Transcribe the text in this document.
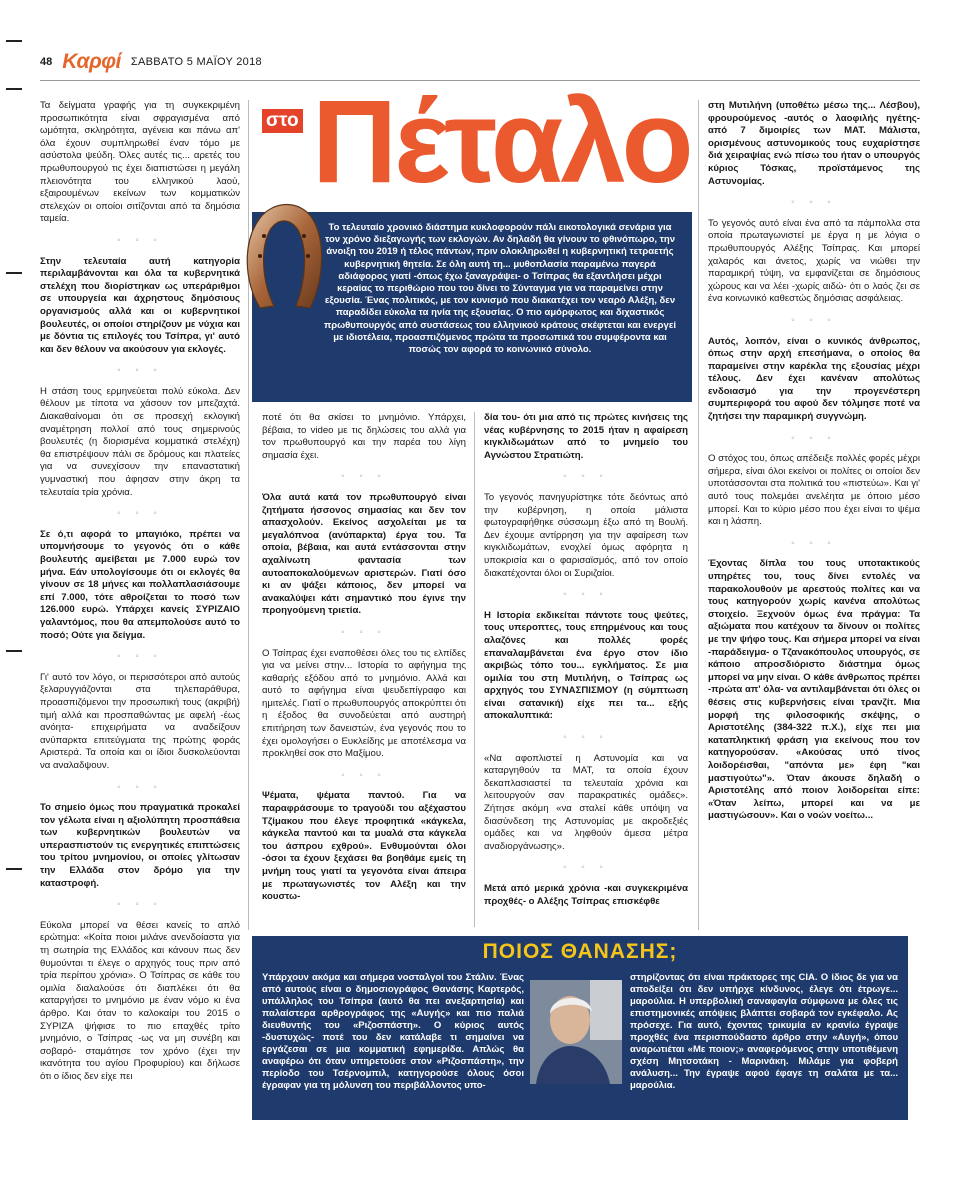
48 Καρφί ΣΑΒΒΑΤΟ 5 ΜΑΪΟΥ 2018

Τα δείγματα γραφής για τη συγκεκριμένη προσωπικότητα είναι σφραγισμένα από ωμότητα, σκληρότητα, αγένεια και πάνω απ' όλα έχουν συμπληρωθεί έναν τόμο με ασύστολα ψεύδη. Όλες αυτές τις... αρετές του πρωθυπουργού τις έχει διαπιστώσει η μεγάλη πλειονότητα του ελληνικού λαού, εξαιρουμένων εκείνων των κομματικών στελεχών οι οποίοι σιτίζονται από τα δημόσια ταμεία.

◦ ◦ ◦

Στην τελευταία αυτή κατηγορία περιλαμβάνονται και όλα τα κυβερνητικά στελέχη που διορίστηκαν ως υπεράριθμοι σε υπουργεία και άχρηστους δημόσιους οργανισμούς αλλά και οι κυβερνητικοί βουλευτές, οι οποίοι στηρίζουν με νύχια και με δόντια τις επιλογές του Τσίπρα, γι' αυτό και δεν θέλουν να ακούσουν για εκλογές.

◦ ◦ ◦

Η στάση τους ερμηνεύεται πολύ εύκολα. Δεν θέλουν με τίποτα να χάσουν τον μπεζαχτά. Διακαθαίνομαι ότι σε προσεχή εκλογική αναμέτρηση πολλοί από τους σημερινούς βουλευτές (η διορισμένα κομματικά στελέχη) θα επιστρέψουν πάλι σε δρόμους και πλατείες για να συνεχίσουν την επαναστατική γυμναστική που άφησαν στην άκρη τα τελευταία τρία χρόνια.

◦ ◦ ◦

Σε ό,τι αφορά το μπαγιόκο, πρέπει να υπομνήσουμε το γεγονός ότι ο κάθε βουλευτής αμείβεται με 7.000 ευρώ τον μήνα. Εάν υπολογίσουμε ότι οι εκλογές θα γίνουν σε 18 μήνες και πολλαπλασιάσουμε επί 7.000, τότε αθροίζεται το ποσό των 126.000 ευρώ. Υπάρχει κανείς ΣΥΡΙΖΑΙΟ γαλαντόμος, που θα απεμπολούσε αυτό το ποσό; Ούτε για δείγμα.

◦ ◦ ◦

Γι' αυτό τον λόγο, οι περισσότεροι από αυτούς ξελαρυγγιάζονται στα τηλεπαράθυρα, προασπιζόμενοι την προσωπική τους (ακριβή) τιμή αλλά και προσπαθώντας με αφελή -έως ανόητα- επιχειρήματα να αναδείξουν ανύπαρκτα επιτεύγματα της πρώτης φοράς Αριστερά. Τα οποία και οι ίδιοι δυσκολεύονται να αναλαδψουν.

◦ ◦ ◦

Το σημείο όμως που πραγματικά προκαλεί τον γέλωτα είναι η αξιολύπητη προσπάθεια των κυβερνητικών βουλευτών να υπερασπιστούν τις ενεργητικές επιπτώσεις του τρίτου μνημονίου, οι οποίες γλίτωσαν την Ελλάδα στον δρόμο για την καταστροφή.

◦ ◦ ◦

Εύκολα μπορεί να θέσει κανείς το απλό ερώτημα: «Κοίτα ποιοι μιλάνε ανενδοίαστα για τη σωτηρία της Ελλάδος και κάνουν πως δεν θυμούνται τι έλεγε ο αρχηγός τους πριν από τρία περίπου χρόνια». Ο Τσίπρας σε κάθε του ομιλία διαλαλούσε ότι διαπλέκει ότι θα καταργήσει το μνημόνιο με έναν νόμο κι ένα άρθρο. Και όταν το καλοκαίρι του 2015 ο ΣΥΡΙΖΑ ψήφισε το πιο επαχθές τρίτο μνημόνιο, ο Τσίπρας -ως να μη συνέβη και σοβαρό- σταμάτησε τον χρόνο (έχει την ικανότητα του αγίου Προφυρίου) και δήλωσε ότι ο ίδιος δεν είχε πει

στο Πέταλο
Το τελευταίο χρονικό διάστημα κυκλοφορούν πάλι εικοτολογικά σενάρια για τον χρόνο διεξαγωγής των εκλογών. Αν δηλαδή θα γίνουν το φθινόπωρο, την άνοιξη του 2019 ή τέλος πάντων, πριν ολοκληρωθεί η κυβερνητική τετραετής κυβερνητική θητεία. Σε όλη αυτή τη... μυθοπλασία παραμένω παγερά αδιάφορος γιατί -όπως έχω ξαναγράψει- ο Τσίπρας θα εξαντλήσει μέχρι κεραίας το περιθώριο που του δίνει το Σύνταγμα για να παραμείνει στην εξουσία. Ένας πολιτικός, με τον κυνισμό που διακατέχει τον νεαρό Αλέξη, δεν παραδίδει εύκολα τα ηνία της εξουσίας. Ο πιο αμόρφωτος και διχαστικός πρωθυπουργός από συστάσεως του ελληνικού κράτους σκέφτεται και ενεργεί με ιδιοτέλεια, προασπιζόμενος πρώτα τα προσωπικά του συμφέροντα και ποσώς τον αφορά το κοινωνικό σύνολο.

ποτέ ότι θα σκίσει το μνημόνιο. Υπάρχει, βέβαια, το video με τις δηλώσεις του αλλά για τον πρωθυπουργό και την παρέα του λίγη σημασία έχει.

◦ ◦ ◦

Όλα αυτά κατά τον πρωθυπουργό είναι ζητήματα ήσσονος σημασίας και δεν τον απασχολούν. Εκείνος ασχολείται με τα μεγαλόπνοα (ανύπαρκτα) έργα του. Τα οποία, βέβαια, και αυτά εντάσσονται στην αχαλίνωτη φαντασία των αυτοαποκαλούμενων αριστερών. Γιατί όσο κι αν ψάξει κάποιος, δεν μπορεί να ανακαλύψει κάτι σημαντικό που έγινε την προηγούμενη τριετία.

◦ ◦ ◦

Ο Τσίπρας έχει εναποθέσει όλες του τις ελπίδες για να μείνει στην... Ιστορία το αφήγημα της καθαρής εξόδου από το μνημόνιο. Αλλά και αυτό το αφήγημα είναι ψευδεπίγραφο και ημιτελές. Γιατί ο πρωθυπουργός αποκρύπτει ότι η έξοδος θα συνοδεύεται από αυστηρή επιτήρηση των δανειστών, ένα γεγονός που το έχει ομολογήσει ο Ευκλείδης με αποτέλεσμα να προκληθεί σοκ στο Μαξίμου.

◦ ◦ ◦

Ψέματα, ψέματα παντού. Για να παραφράσουμε το τραγούδι του αξέχαστου Τζίμακου που έλεγε προφητικά «κάγκελα, κάγκελα παντού και τα μυαλά στα κάγκελα του άσπρου εχθρού». Ενθυμούνται όλοι -όσοι τα έχουν ξεχάσει θα βοηθάμε εμείς τη μνήμη τους γιατί τα γεγονότα είναι άπειρα με πρωταγωνιστές τον Αλέξη και την κουστω-

δία του- ότι μια από τις πρώτες κινήσεις της νέας κυβέρνησης το 2015 ήταν η αφαίρεση κιγκλιδωμάτων από το μνημείο του Αγνώστου Στρατιώτη.

◦ ◦ ◦

Το γεγονός πανηγυρίστηκε τότε δεόντως από την κυβέρνηση, η οποία μάλιστα φωτογραφήθηκε σύσσωμη έξω από τη Βουλή. Δεν έχουμε αντίρρηση για την αφαίρεση των κιγκλιδωμάτων, ενοχλεί όμως αφόρητα η υποκρισία και ο φαρισαϊσμός, από τον οποίο διακατέχονται όλοι οι Συριζαίοι.

◦ ◦ ◦

Η Ιστορία εκδικείται πάντοτε τους ψεύτες, τους υπεροπτες, τους επηρμένους και τους αλαζόνες και πολλές φορές επαναλαμβάνεται ένα έργο στον ίδιο ακριβώς τόπο του... εγκλήματος. Σε μια ομιλία του στη Μυτιλήνη, ο Τσίπρας ως αρχηγός του ΣΥΝΑΣΠΙΣΜΟΥ (η σύμπτωση είναι σατανική) είχε πει τα... εξής αποκαλυπτικά:

◦ ◦ ◦

«Να αφοπλιστεί η Αστυνομία και να καταργηθούν τα ΜΑΤ, τα οποία έχουν δεκαπλασιαστεί τα τελευταία χρόνια και λειτουργούν σαν παρακρατικές ομάδες». Ζήτησε ακόμη «να σταλεί κάθε υπόψη να διασύνδεση της Αστυνομίας με ακροδεξιές ομάδες και να ληφθούν άμεσα μέτρα αναδιοργάνωσης».

◦ ◦ ◦

Μετά από μερικά χρόνια -και συγκεκριμένα προχθές- ο Αλέξης Τσίπρας επισκέφθε

στη Μυτιλήνη (υποθέτω μέσω της... Λέσβου), φρουρούμενος -αυτός ο λαοφιλής ηγέτης- από 7 διμοιρίες των ΜΑΤ. Μάλιστα, ορισμένους αστυνομικούς τους ευχαρίστησε διά χειραψίας ενώ πίσω του ήταν ο υπουργός κύριος Τόσκας, προϊστάμενος της Αστυνομίας.

◦ ◦ ◦

Το γεγονός αυτό είναι ένα από τα πάμπολλα στα οποία πρωταγωνιστεί με έργα η με λόγια ο πρωθυπουργός Αλέξης Τσίπρας. Και μπορεί χαλαρός και άνετος, χωρίς να νιώθει την παραμικρή τύψη, να εμφανίζεται σε δημόσιους χώρους και να λέει -χωρίς αιδώ- ότι ο λαός ζει σε ένα κοινωνικό καθεστώς δημόσιας ασφάλειας.

◦ ◦ ◦

Αυτός, λοιπόν, είναι ο κυνικός άνθρωπος, όπως στην αρχή επεσήμανα, ο οποίος θα παραμείνει στην καρέκλα της εξουσίας μέχρι τέλους. Δεν έχει κανέναν απολύτως ενδοιασμό για την προγενέστερη συμπεριφορά του αφού δεν τόλμησε ποτέ να ζητήσει την παραμικρή συγγνώμη.

◦ ◦ ◦

Ο στόχος του, όπως απέδειξε πολλές φορές μέχρι σήμερα, είναι όλοι εκείνοι οι πολίτες οι οποίοι δεν υποτάσσονται στα πολιτικά του «πιστεύω». Και γι' αυτό τους πολεμάει ανελέητα με όποιο μέσο μπορεί. Και το κύριο μέσο που έχει είναι το ψέμα και η λάσπη.

◦ ◦ ◦

Έχοντας δίπλα του τους υποτακτικούς υπηρέτες του, τους δίνει εντολές να παρακολουθούν με αρεστούς πολίτες και να τους κατηγορούν χωρίς κανένα απολύτως στοιχείο. Ξεχνούν όμως ένα πράγμα: Τα αξιώματα που κατέχουν τα δίνουν οι πολίτες με την ψήφο τους. Και σήμερα μπορεί να είναι -παράδειγμα- ο Τζανακόπουλος υπουργός, σε κάποιο απροσδιόριστο διάστημα όμως μπορεί να μην είναι. Ο κάθε άνθρωπος πρέπει -πρώτα απ' όλα- να αντιλαμβάνεται ότι όλες οι θέσεις στις κυβερνήσεις είναι τρανζίτ. Μια μορφή της φιλοσοφικής σκέψης, ο Αριστοτέλης (384-322 π.Χ.), είχε πει μια καταπληκτική φράση για εκείνους που τον κατηγορούσαν. «Ακούσας υπό τίνος λοιδορέισθαι, "απόντα με» έφη "και μαστιγούτω"». Όταν άκουσε δηλαδή ο Αριστοτέλης από ποιον λοιδορείται είπε: «Όταν λείπω, μπορεί και να με μαστιγώσουν». Και ο νοών νοείτω...

ΠΟΙΟΣ ΘΑΝΑΣΗΣ;
Υπάρχουν ακόμα και σήμερα νοσταλγοί του Στάλιν. Ένας από αυτούς είναι ο δημοσιογράφος Θανάσης Καρτερός, υπάλληλος του Τσίπρα (αυτό θα πει ανεξαρτησία) και παλαίστερα αρθρογράφος της «Αυγής» και πιο παλιά διευθυντής του «Ριζοσπάστη». Ο κύριος αυτός -δυστυχώς- ποτέ του δεν κατάλαβε τι σημαίνει να εργάζεσαι σε μια κομματική εφημερίδα. Απλώς θα αναφέρω ότι όταν υπηρετούσε στον «Ριζοσπάστη», την περίοδο του Τσέρνομπιλ, κατηγορούσε όλους όσοι έγραφαν για τη μόλυνση του περιβάλλοντος υπο-
στηρίζοντας ότι είναι πράκτορες της CIA. Ο ίδιος δε για να αποδείξει ότι δεν υπήρχε κίνδυνος, έλεγε ότι έτρωγε... μαρούλια. Η υπερβολική σαναφαγία σύμφωνα με όλες τις επιστημονικές απόψεις βλάπτει σοβαρά τον εγκέφαλο. Ας πρόσεχε. Για αυτό, έχοντας τρικυμία εν κρανίω έγραψε προχθές ένα περισπούδαστο άρθρο στην «Αυγή», όπου αναρωτιέται «Με ποιον;» αναφερόμενος στην υποτιθέμενη σχέση Μητσοτάκη - Μαρινάκη. Μιλάμε για φοβερή ανάλυση... Την έγραψε αφού έφαγε τη σαλάτα με τα... μαρούλια.
